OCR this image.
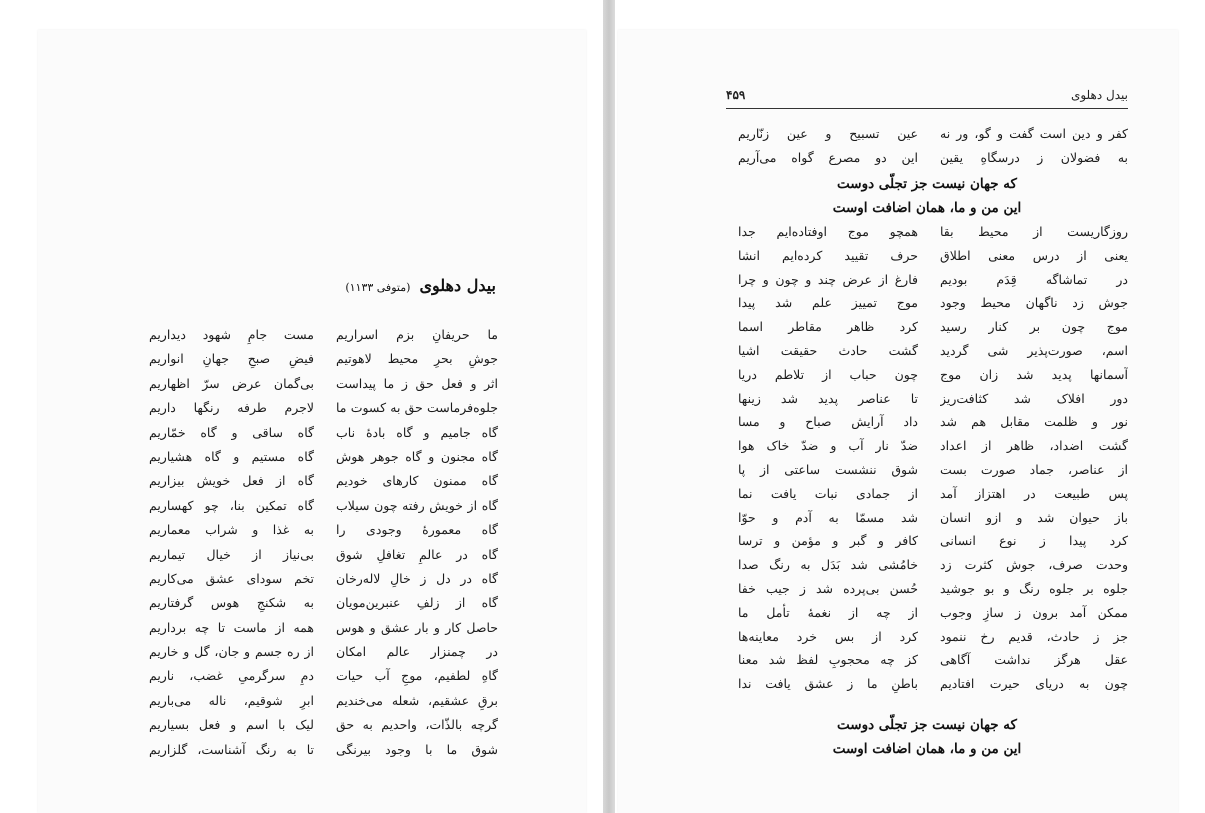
بیدل دهلوی (متوفی ۱۱۳۳)
ما حریفانِ بزم اسراریم
جوشِ بحرِ محیط لاهوتیم
اثر و فعل حق ز ما پیداست
جلوه‌فرماست حق به کسوت ما
گاه جامیم و گاه بادهٔ ناب
گاه مجنون و گاه جوهر هوش
گاه ممنون کارهای خودیم
گاه از خویش رفته چون سیلاب
گاه معمورهٔ وجودی را
گاه در عالمِ تغافلِ شوق
گاه در دل ز خالِ لاله‌رخان
گاه از زلفِ عنبرین‌مویان
حاصل کار و بار عشق و هوس
در چمنزار عالم امکان
گاهِ لطفیم، موجِ آب حیات
برقِ عشقیم، شعله می‌خندیم
گرچه بالذّات، واحدیم به حق
شوق ما با وجود بیرنگی
مست جامِ شهود دیداریم
فیضِ صبحِ جهانِ انواریم
بی‌گمان عرض سرّ اظهاریم
لاجرم طرفه رنگها داریم
گاه ساقی و گاه خمّاریم
گاه مستیم و گاه هشیاریم
گاه از فعل خویش بیزاریم
گاه تمکین بنا، چو کهساریم
به غذا و شراب معماریم
بی‌نیاز از خیال تیماریم
تخم سودای عشق می‌کاریم
به شکنجِ هوس گرفتاریم
همه از ماست تا چه برداریم
از ره جسم و جان، گل و خاریم
دمِ سرگرمیِ غضب، ناریم
ابرِ شوقیم، ناله می‌باریم
لیک با اسم و فعل بسیاریم
تا به رنگ آشناست، گلزاریم
بیدل دهلوی
۴۵۹
کفر و دین است گفت و گو، ور نه
به فضولان ز درسگاهِ یقین
عین تسبیح و عین زنّاریم
این دو مصرع گواه می‌آریم
که جهان نیست جز تجلّی دوست
این من و ما، همان اضافت اوست
روزگاریست از محیط بقا
یعنی از درس معنی اطلاق
در تماشاگه قِدَم بودیم
جوش زد ناگهان محیط وجود
موج چون بر کنار رسید
اسم، صورت‌پذیر شی گردید
آسمانها پدید شد زان موج
دور افلاک شد کثافت‌ریز
نور و ظلمت مقابل هم شد
گشت اضداد، ظاهر از اعداد
از عناصر، جماد صورت بست
پس طبیعت در اهتزاز آمد
باز حیوان شد و ازو انسان
کرد پیدا ز نوع انسانی
وحدت صرف، جوش کثرت زد
جلوه بر جلوه رنگ و بو جوشید
ممکن آمد برون ز سازِ وجوب
جز ز حادث، قدیم رخ ننمود
عقل هرگز نداشت آگاهی
چون به دریای حیرت افتادیم
همچو موج اوفتاده‌ایم جدا
حرف تقیید کرده‌ایم انشا
فارغ از عرض چند و چون و چرا
موج تمییز علم شد پیدا
کرد ظاهر مقاطر اسما
گشت حادث حقیقت اشیا
چون حباب از تلاطم دریا
تا عناصر پدید شد زینها
داد آرایش صباح و مسا
ضدّ نار آب و ضدّ خاک هوا
شوق ننشست ساعتی از پا
از جمادی نبات یافت نما
شد مسمّا به آدم و حوّا
کافر و گبر و مؤمن و ترسا
خامُشی شد بَدَل به رنگ صدا
حُسن بی‌پرده شد ز جیب خفا
از چه از نغمهٔ تأمل ما
کرد از بس خرد معاینه‌ها
کز چه محجوبِ لفظ شد معنا
باطنِ ما ز عشق یافت ندا
که جهان نیست جز تجلّی دوست
این من و ما، همان اضافت اوست
